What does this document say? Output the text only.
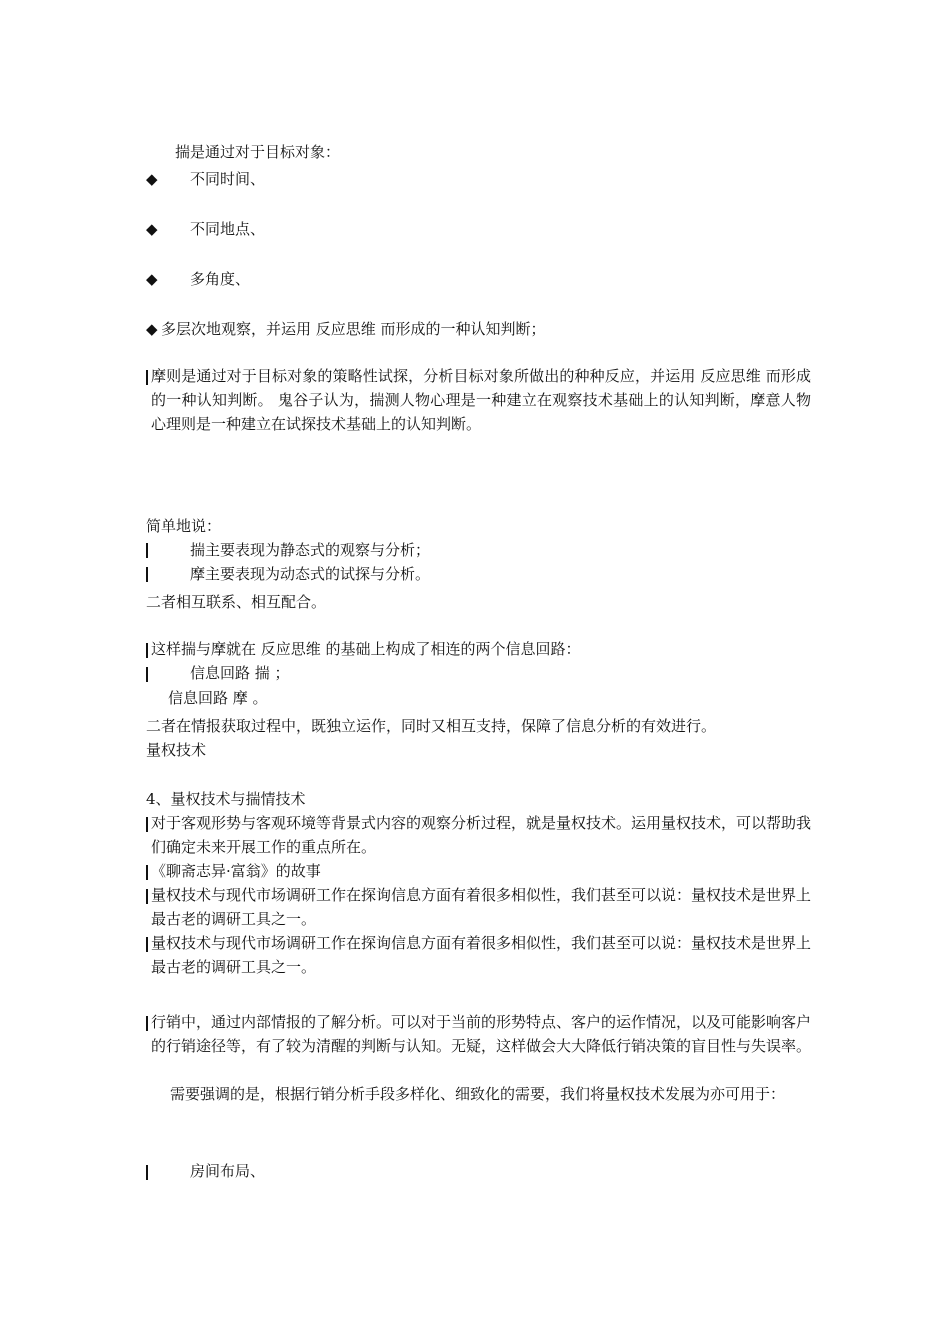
揣是通过对于目标对象：
◆ 不同时间、
◆ 不同地点、
◆ 多角度、
◆ 多层次地观察，并运用 反应思维 而形成的一种认知判断；
摩则是通过对于目标对象的策略性试探，分析目标对象所做出的种种反应，并运用 反应思维 而形成的一种认知判断。 鬼谷子认为，揣测人物心理是一种建立在观察技术基础上的认知判断，摩意人物心理则是一种建立在试探技术基础上的认知判断。
简单地说：
揣主要表现为静态式的观察与分析；
摩主要表现为动态式的试探与分析。
二者相互联系、相互配合。
这样揣与摩就在 反应思维 的基础上构成了相连的两个信息回路：
信息回路 揣 ；
信息回路 摩 。
二者在情报获取过程中，既独立运作，同时又相互支持，保障了信息分析的有效进行。
量权技术
4、量权技术与揣情技术
对于客观形势与客观环境等背景式内容的观察分析过程，就是量权技术。运用量权技术，可以帮助我们确定未来开展工作的重点所在。
《聊斋志异·富翁》的故事
量权技术与现代市场调研工作在探询信息方面有着很多相似性，我们甚至可以说：量权技术是世界上最古老的调研工具之一。
量权技术与现代市场调研工作在探询信息方面有着很多相似性，我们甚至可以说：量权技术是世界上最古老的调研工具之一。
行销中，通过内部情报的了解分析。可以对于当前的形势特点、客户的运作情况，以及可能影响客户的行销途径等，有了较为清醒的判断与认知。无疑，这样做会大大降低行销决策的盲目性与失误率。
需要强调的是，根据行销分析手段多样化、细致化的需要，我们将量权技术发展为亦可用于：
房间布局、
